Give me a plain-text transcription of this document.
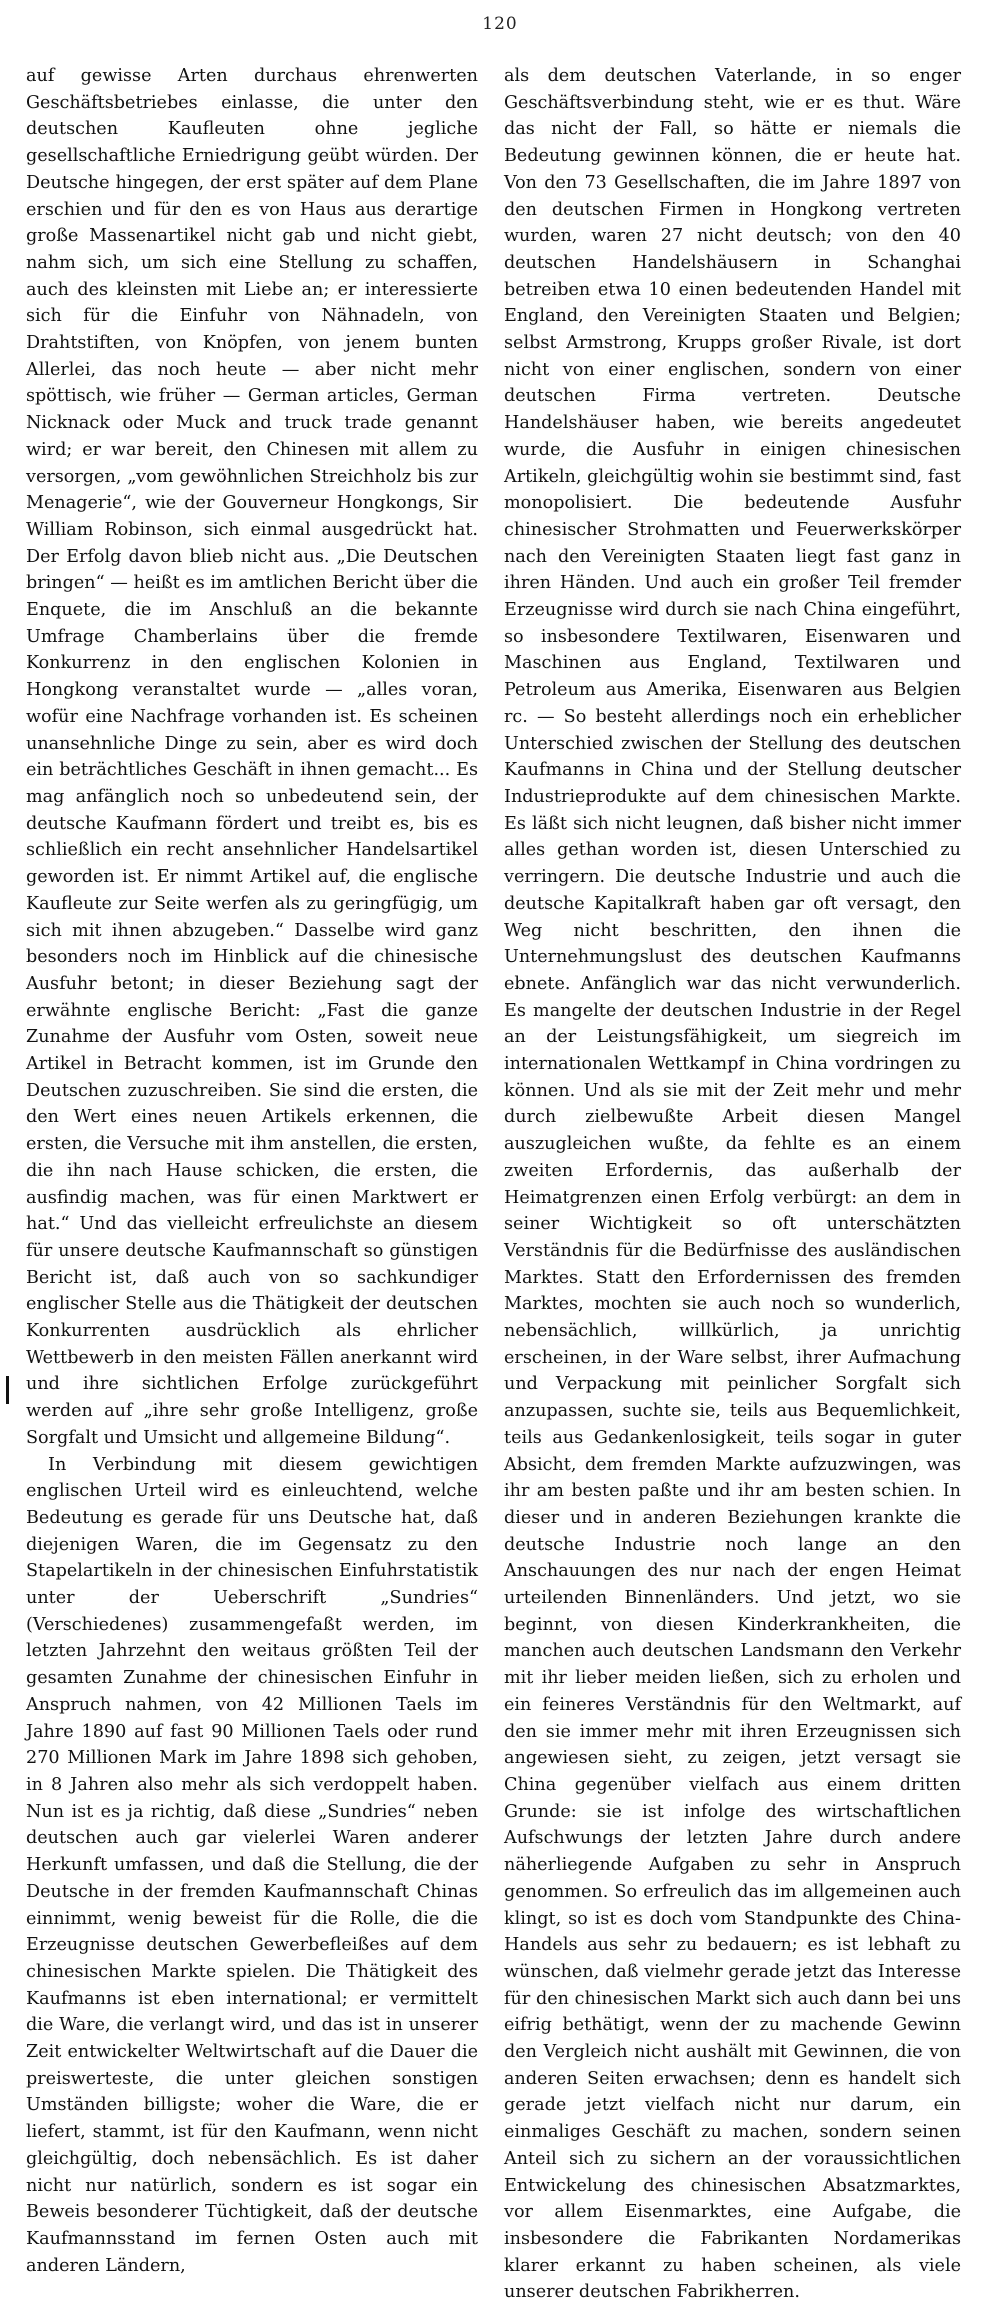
120

auf gewisse Arten durchaus ehrenwerten Geschäftsbetriebes einlasse, die unter den deutschen Kaufleuten ohne jegliche gesellschaftliche Erniedrigung geübt würden. Der Deutsche hingegen, der erst später auf dem Plane erschien und für den es von Haus aus derartige große Massenartikel nicht gab und nicht giebt, nahm sich, um sich eine Stellung zu schaffen, auch des kleinsten mit Liebe an; er interessierte sich für die Einfuhr von Nähnadeln, von Drahtstiften, von Knöpfen, von jenem bunten Allerlei, das noch heute — aber nicht mehr spöttisch, wie früher — German articles, German Nicknack oder Muck and truck trade genannt wird; er war bereit, den Chinesen mit allem zu versorgen, „vom gewöhnlichen Streichholz bis zur Menagerie“, wie der Gouverneur Hongkongs, Sir William Robinson, sich einmal ausgedrückt hat. Der Erfolg davon blieb nicht aus. „Die Deutschen bringen“ — heißt es im amtlichen Bericht über die Enquete, die im Anschluß an die bekannte Umfrage Chamberlains über die fremde Konkurrenz in den englischen Kolonien in Hongkong veranstaltet wurde — „alles voran, wofür eine Nachfrage vorhanden ist. Es scheinen unansehnliche Dinge zu sein, aber es wird doch ein beträchtliches Geschäft in ihnen gemacht... Es mag anfänglich noch so unbedeutend sein, der deutsche Kaufmann fördert und treibt es, bis es schließlich ein recht ansehnlicher Handelsartikel geworden ist. Er nimmt Artikel auf, die englische Kaufleute zur Seite werfen als zu geringfügig, um sich mit ihnen abzugeben.“ Dasselbe wird ganz besonders noch im Hinblick auf die chinesische Ausfuhr betont; in dieser Beziehung sagt der erwähnte englische Bericht: „Fast die ganze Zunahme der Ausfuhr vom Osten, soweit neue Artikel in Betracht kommen, ist im Grunde den Deutschen zuzuschreiben. Sie sind die ersten, die den Wert eines neuen Artikels erkennen, die ersten, die Versuche mit ihm anstellen, die ersten, die ihn nach Hause schicken, die ersten, die ausfindig machen, was für einen Marktwert er hat.“ Und das vielleicht erfreulichste an diesem für unsere deutsche Kaufmannschaft so günstigen Bericht ist, daß auch von so sachkundiger englischer Stelle aus die Thätigkeit der deutschen Konkurrenten ausdrücklich als ehrlicher Wettbewerb in den meisten Fällen anerkannt wird und ihre sichtlichen Erfolge zurückgeführt werden auf „ihre sehr große Intelligenz, große Sorgfalt und Umsicht und allgemeine Bildung“.

In Verbindung mit diesem gewichtigen englischen Urteil wird es einleuchtend, welche Bedeutung es gerade für uns Deutsche hat, daß diejenigen Waren, die im Gegensatz zu den Stapelartikeln in der chinesischen Einfuhrstatistik unter der Ueberschrift „Sundries“ (Verschiedenes) zusammengefaßt werden, im letzten Jahrzehnt den weitaus größten Teil der gesamten Zunahme der chinesischen Einfuhr in Anspruch nahmen, von 42 Millionen Taels im Jahre 1890 auf fast 90 Millionen Taels oder rund 270 Millionen Mark im Jahre 1898 sich gehoben, in 8 Jahren also mehr als sich verdoppelt haben. Nun ist es ja richtig, daß diese „Sundries“ neben deutschen auch gar vielerlei Waren anderer Herkunft umfassen, und daß die Stellung, die der Deutsche in der fremden Kaufmannschaft Chinas einnimmt, wenig beweist für die Rolle, die die Erzeugnisse deutschen Gewerbefleißes auf dem chinesischen Markte spielen. Die Thätigkeit des Kaufmanns ist eben international; er vermittelt die Ware, die verlangt wird, und das ist in unserer Zeit entwickelter Weltwirtschaft auf die Dauer die preiswerteste, die unter gleichen sonstigen Umständen billigste; woher die Ware, die er liefert, stammt, ist für den Kaufmann, wenn nicht gleichgültig, doch nebensächlich. Es ist daher nicht nur natürlich, sondern es ist sogar ein Beweis besonderer Tüchtigkeit, daß der deutsche Kaufmannsstand im fernen Osten auch mit anderen Ländern,

als dem deutschen Vaterlande, in so enger Geschäftsverbindung steht, wie er es thut. Wäre das nicht der Fall, so hätte er niemals die Bedeutung gewinnen können, die er heute hat. Von den 73 Gesellschaften, die im Jahre 1897 von den deutschen Firmen in Hongkong vertreten wurden, waren 27 nicht deutsch; von den 40 deutschen Handelshäusern in Schanghai betreiben etwa 10 einen bedeutenden Handel mit England, den Vereinigten Staaten und Belgien; selbst Armstrong, Krupps großer Rivale, ist dort nicht von einer englischen, sondern von einer deutschen Firma vertreten. Deutsche Handelshäuser haben, wie bereits angedeutet wurde, die Ausfuhr in einigen chinesischen Artikeln, gleichgültig wohin sie bestimmt sind, fast monopolisiert. Die bedeutende Ausfuhr chinesischer Strohmatten und Feuerwerkskörper nach den Vereinigten Staaten liegt fast ganz in ihren Händen. Und auch ein großer Teil fremder Erzeugnisse wird durch sie nach China eingeführt, so insbesondere Textilwaren, Eisenwaren und Maschinen aus England, Textilwaren und Petroleum aus Amerika, Eisenwaren aus Belgien rc. — So besteht allerdings noch ein erheblicher Unterschied zwischen der Stellung des deutschen Kaufmanns in China und der Stellung deutscher Industrieprodukte auf dem chinesischen Markte. Es läßt sich nicht leugnen, daß bisher nicht immer alles gethan worden ist, diesen Unterschied zu verringern. Die deutsche Industrie und auch die deutsche Kapitalkraft haben gar oft versagt, den Weg nicht beschritten, den ihnen die Unternehmungslust des deutschen Kaufmanns ebnete. Anfänglich war das nicht verwunderlich. Es mangelte der deutschen Industrie in der Regel an der Leistungsfähigkeit, um siegreich im internationalen Wettkampf in China vordringen zu können. Und als sie mit der Zeit mehr und mehr durch zielbewußte Arbeit diesen Mangel auszugleichen wußte, da fehlte es an einem zweiten Erfordernis, das außerhalb der Heimatgrenzen einen Erfolg verbürgt: an dem in seiner Wichtigkeit so oft unterschätzten Verständnis für die Bedürfnisse des ausländischen Marktes. Statt den Erfordernissen des fremden Marktes, mochten sie auch noch so wunderlich, nebensächlich, willkürlich, ja unrichtig erscheinen, in der Ware selbst, ihrer Aufmachung und Verpackung mit peinlicher Sorgfalt sich anzupassen, suchte sie, teils aus Bequemlichkeit, teils aus Gedankenlosigkeit, teils sogar in guter Absicht, dem fremden Markte aufzuzwingen, was ihr am besten paßte und ihr am besten schien. In dieser und in anderen Beziehungen krankte die deutsche Industrie noch lange an den Anschauungen des nur nach der engen Heimat urteilenden Binnenländers. Und jetzt, wo sie beginnt, von diesen Kinderkrankheiten, die manchen auch deutschen Landsmann den Verkehr mit ihr lieber meiden ließen, sich zu erholen und ein feineres Verständnis für den Weltmarkt, auf den sie immer mehr mit ihren Erzeugnissen sich angewiesen sieht, zu zeigen, jetzt versagt sie China gegenüber vielfach aus einem dritten Grunde: sie ist infolge des wirtschaftlichen Aufschwungs der letzten Jahre durch andere näherliegende Aufgaben zu sehr in Anspruch genommen. So erfreulich das im allgemeinen auch klingt, so ist es doch vom Standpunkte des China-Handels aus sehr zu bedauern; es ist lebhaft zu wünschen, daß vielmehr gerade jetzt das Interesse für den chinesischen Markt sich auch dann bei uns eifrig bethätigt, wenn der zu machende Gewinn den Vergleich nicht aushält mit Gewinnen, die von anderen Seiten erwachsen; denn es handelt sich gerade jetzt vielfach nicht nur darum, ein einmaliges Geschäft zu machen, sondern seinen Anteil sich zu sichern an der voraussichtlichen Entwickelung des chinesischen Absatzmarktes, vor allem Eisenmarktes, eine Aufgabe, die insbesondere die Fabrikanten Nordamerikas klarer erkannt zu haben scheinen, als viele unserer deutschen Fabrikherren.
